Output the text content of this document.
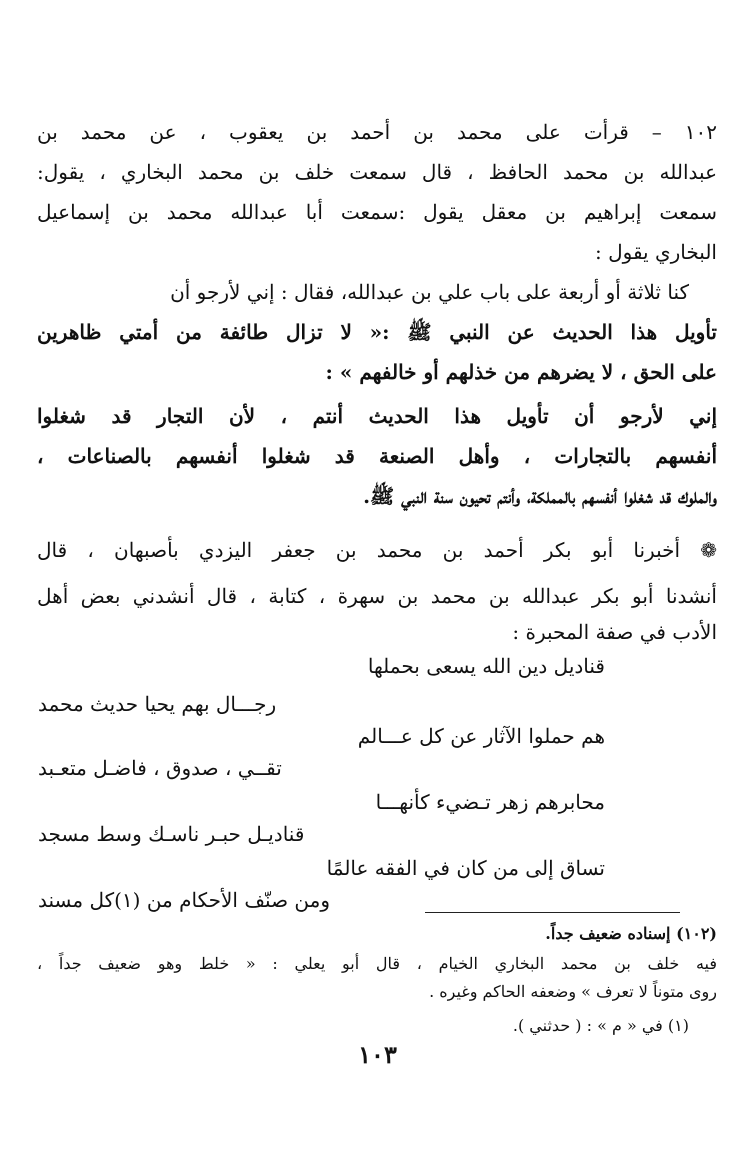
١٠٢ – قرأت على محمد بن أحمد بن يعقوب ، عن محمد بن
عبدالله بن محمد الحافظ ، قال سمعت خلف بن محمد البخاري ، يقول:
سمعت إبراهيم بن معقل يقول :سمعت أبا عبدالله محمد بن إسماعيل
البخاري يقول :
كنا ثلاثة أو أربعة على باب علي بن عبدالله، فقال : إني لأرجو أن
تأويل هذا الحديث عن النبي ﷺ :« لا تزال طائفة من أمتي ظاهرين
على الحق ، لا يضرهم من خذلهم أو خالفهم » :
إني لأرجو أن تأويل هذا الحديث أنتم ، لأن التجار قد شغلوا
أنفسهم بالتجارات ، وأهل الصنعة قد شغلوا أنفسهم بالصناعات ،
والملوك قد شغلوا أنفسهم بالمملكة، وأنتم تحيون سنة النبي ﷺ.
❁ أخبرنا أبو بكر أحمد بن محمد بن جعفر اليزدي بأصبهان ، قال
أنشدنا أبو بكر عبدالله بن محمد بن سهرة ، كتابة ، قال أنشدني بعض أهل
الأدب في صفة المحبرة :
قناديل دين الله يسعى بحملها
رجـــال بهم يحيا حديث محمد
هم حملوا الآثار عن كل عـــالم
تقــي ، صدوق ، فاضـل متعـبد
محابرهم زهر تـضيء كأنهـــا
قناديـل حبـر ناسـك وسط مسجد
تساق إلى من كان في الفقه عالمًا
ومن صنّف الأحكام من (١)كل مسند
(١٠٢) إسناده ضعيف جداً.
فيه خلف بن محمد البخاري الخيام ، قال أبو يعلي : « خلط وهو ضعيف جداً ،
روى متوناً لا تعرف » وضعفه الحاكم وغيره .
(١) في « م » : ( حدثني ).
١٠٣
